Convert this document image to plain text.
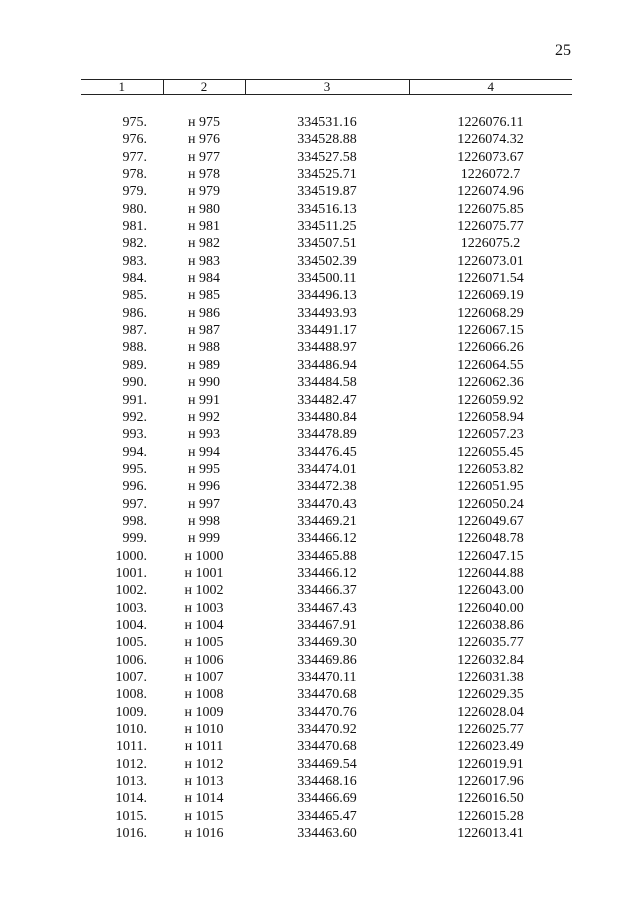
25
1	2	3	4
975.	н 975	334531.16	1226076.11
976.	н 976	334528.88	1226074.32
977.	н 977	334527.58	1226073.67
978.	н 978	334525.71	1226072.7
979.	н 979	334519.87	1226074.96
980.	н 980	334516.13	1226075.85
981.	н 981	334511.25	1226075.77
982.	н 982	334507.51	1226075.2
983.	н 983	334502.39	1226073.01
984.	н 984	334500.11	1226071.54
985.	н 985	334496.13	1226069.19
986.	н 986	334493.93	1226068.29
987.	н 987	334491.17	1226067.15
988.	н 988	334488.97	1226066.26
989.	н 989	334486.94	1226064.55
990.	н 990	334484.58	1226062.36
991.	н 991	334482.47	1226059.92
992.	н 992	334480.84	1226058.94
993.	н 993	334478.89	1226057.23
994.	н 994	334476.45	1226055.45
995.	н 995	334474.01	1226053.82
996.	н 996	334472.38	1226051.95
997.	н 997	334470.43	1226050.24
998.	н 998	334469.21	1226049.67
999.	н 999	334466.12	1226048.78
1000.	н 1000	334465.88	1226047.15
1001.	н 1001	334466.12	1226044.88
1002.	н 1002	334466.37	1226043.00
1003.	н 1003	334467.43	1226040.00
1004.	н 1004	334467.91	1226038.86
1005.	н 1005	334469.30	1226035.77
1006.	н 1006	334469.86	1226032.84
1007.	н 1007	334470.11	1226031.38
1008.	н 1008	334470.68	1226029.35
1009.	н 1009	334470.76	1226028.04
1010.	н 1010	334470.92	1226025.77
1011.	н 1011	334470.68	1226023.49
1012.	н 1012	334469.54	1226019.91
1013.	н 1013	334468.16	1226017.96
1014.	н 1014	334466.69	1226016.50
1015.	н 1015	334465.47	1226015.28
1016.	н 1016	334463.60	1226013.41
